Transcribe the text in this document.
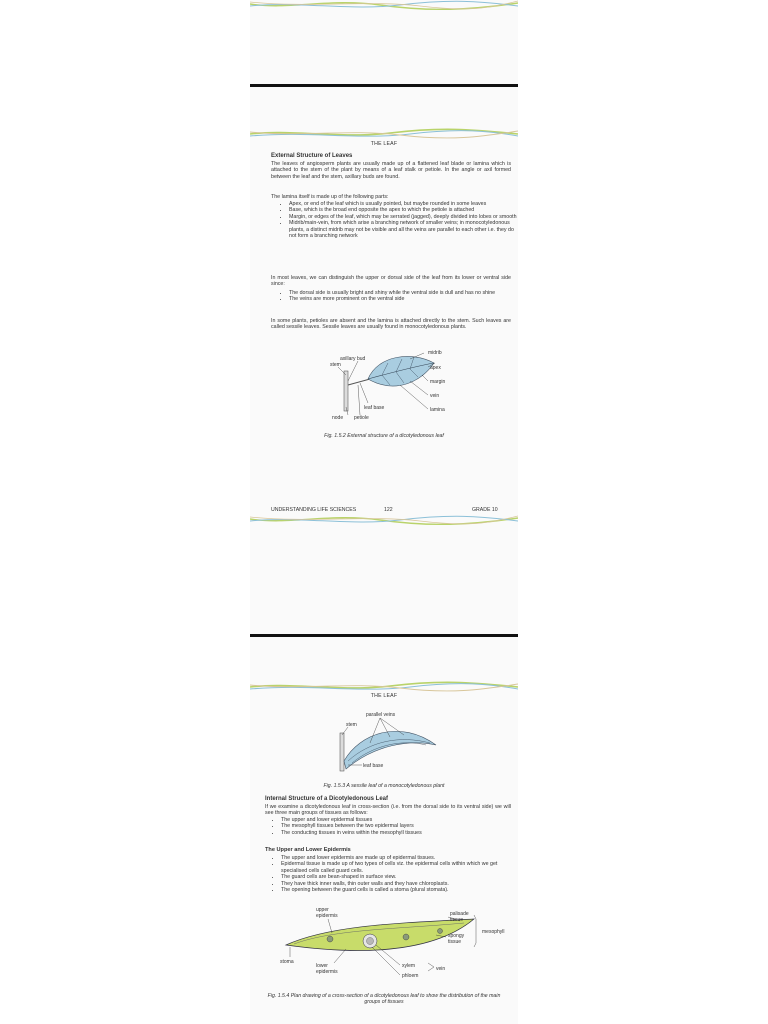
THE LEAF
External Structure of Leaves
The leaves of angiosperm plants are usually made up of a flattened leaf blade or lamina which is attached to the stem of the plant by means of a leaf stalk or petiole. In the angle or axil formed between the leaf and the stem, axillary buds are found.
The lamina itself is made up of the following parts:
• Apex, or end of the leaf which is usually pointed, but maybe rounded in some leaves
• Base, which is the broad end opposite the apex to which the petiole is attached
• Margin, or edges of the leaf, which may be serrated (jagged), deeply divided into lobes or smooth
• Midrib/main-vein, from which arise a branching network of smaller veins; in monocotyledonous plants, a distinct midrib may not be visible and all the veins are parallel to each other i.e. they do not form a branching network
In most leaves, we can distinguish the upper or dorsal side of the leaf from its lower or ventral side since:
• The dorsal side is usually bright and shiny while the ventral side is dull and has no shine
• The veins are more prominent on the ventral side
In some plants, petioles are absent and the lamina is attached directly to the stem. Such leaves are called sessile leaves. Sessile leaves are usually found in monocotyledonous plants.
midrib
axillary bud
apex
stem
margin
vein
leaf base	lamina
node petiole
Fig. 1.5.2 External structure of a dicotyledonous leaf
UNDERSTANDING LIFE SCIENCES	122	GRADE 10
THE LEAF
parallel veins
stem
leaf base
Fig. 1.5.3 A sessile leaf of a monocotyledonous plant
Internal Structure of a Dicotyledonous Leaf
If we examine a dicotyledonous leaf in cross-section (i.e. from the dorsal side to its ventral side) we will see three main groups of tissues as follows:
• The upper and lower epidermal tissues
• The mesophyll tissues between the two epidermal layers
• The conducting tissues in veins within the mesophyll tissues
The Upper and Lower Epidermis
• The upper and lower epidermis are made up of epidermal tissues.
• Epidermal tissue is made up of two types of cells viz. the epidermal cells within which we get specialised cells called guard cells.
• The guard cells are bean-shaped in surface view.
• They have thick inner walls, thin outer walls and they have chloroplasts.
• The opening between the guard cells is called a stoma (plural stomata).
upper
epidermis	palisade
tissue
mesophyll
spongy
tissue
stoma
lower
epidermis
xylem	vein
phloem
Fig. 1.5.4 Plan drawing of a cross-section of a dicotyledonous leaf to show the distribution of the main groups of tissues
